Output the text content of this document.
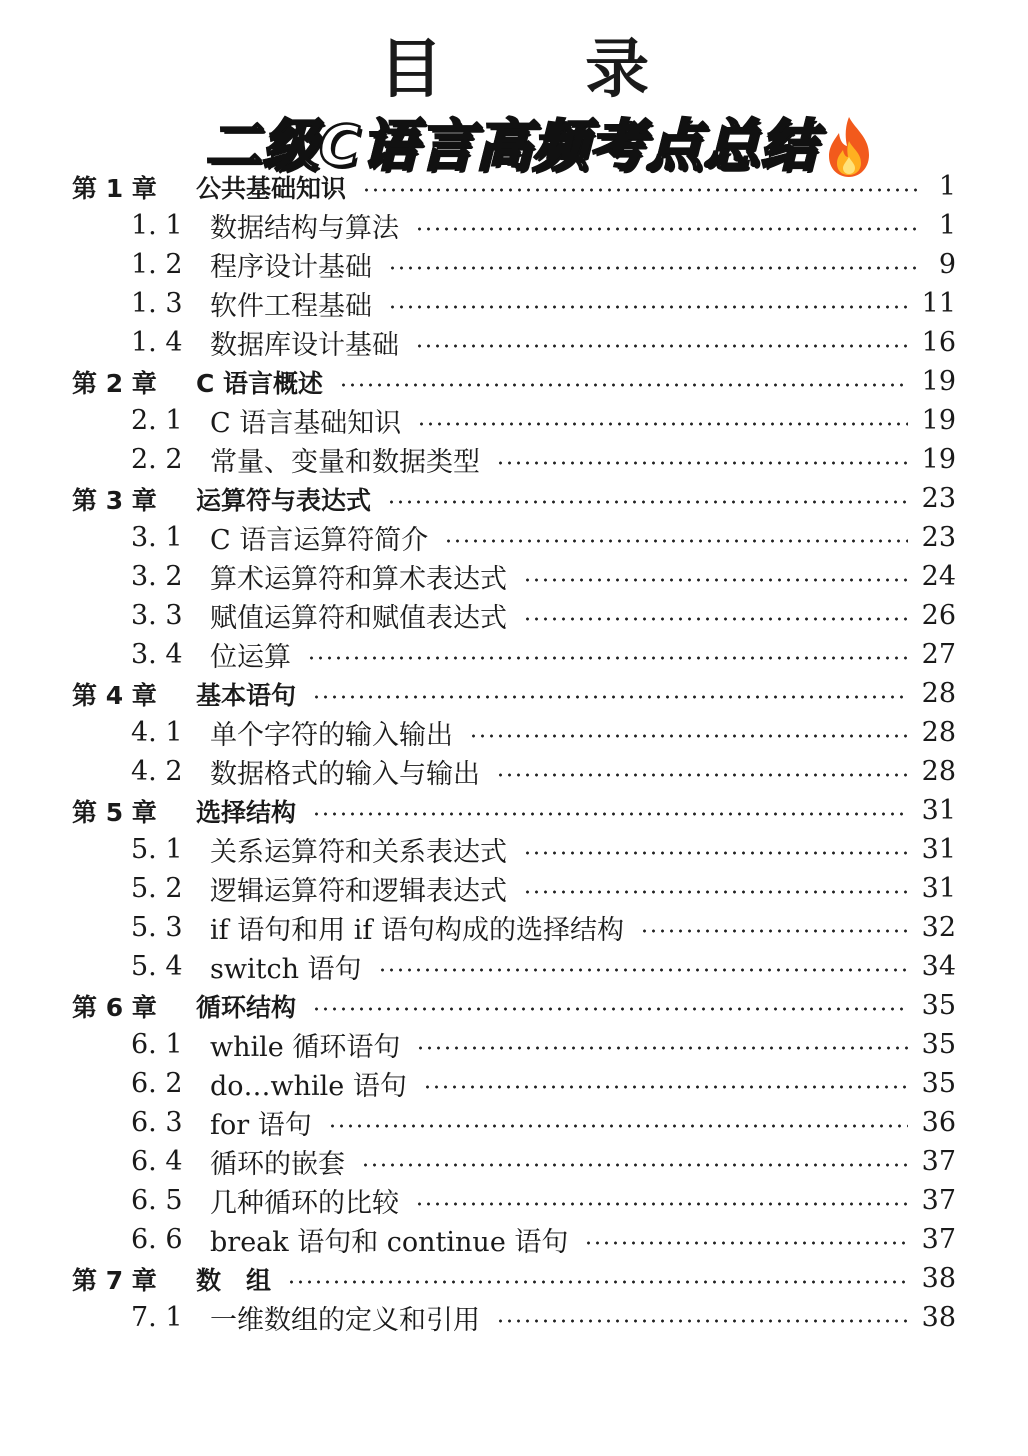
目 录
二级C语言高频考点总结
第 1 章 公共基础知识	1
1. 1 数据结构与算法	1
1. 2 程序设计基础	9
1. 3 软件工程基础	11
1. 4 数据库设计基础	16
第 2 章 C 语言概述	19
2. 1 C 语言基础知识	19
2. 2 常量、变量和数据类型	19
第 3 章 运算符与表达式	23
3. 1 C 语言运算符简介	23
3. 2 算术运算符和算术表达式	24
3. 3 赋值运算符和赋值表达式	26
3. 4 位运算	27
第 4 章 基本语句	28
4. 1 单个字符的输入输出	28
4. 2 数据格式的输入与输出	28
第 5 章 选择结构	31
5. 1 关系运算符和关系表达式	31
5. 2 逻辑运算符和逻辑表达式	31
5. 3 if 语句和用 if 语句构成的选择结构	32
5. 4 switch 语句	34
第 6 章 循环结构	35
6. 1 while 循环语句	35
6. 2 do…while 语句	35
6. 3 for 语句	36
6. 4 循环的嵌套	37
6. 5 几种循环的比较	37
6. 6 break 语句和 continue 语句	37
第 7 章 数　组	38
7. 1 一维数组的定义和引用	38
